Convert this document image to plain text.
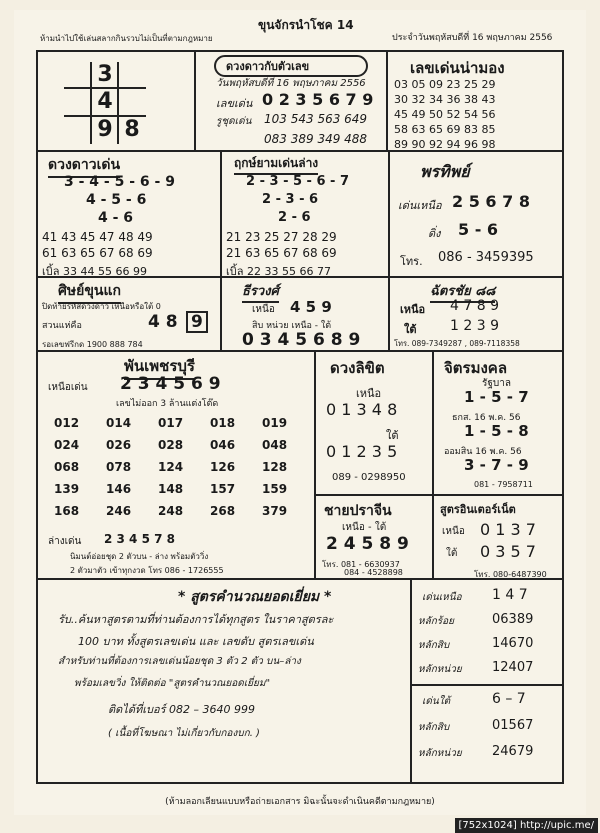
ห้ามนำไปใช้เล่นสลากกินรวบไม่เป็นที่ตามกฎหมาย
ขุนจักรนำโชค 14
ประจำวันพฤหัสบดีที่ 16 พฤษภาคม 2556
3
4
9 8
ดวงดาวกับตัวเลข
วันพฤหัสบดีที่ 16 พฤษภาคม 2556
เลขเด่น 0 2 3 5 6 7 9
รูชุดเด่น 103 543 563 649
083 389 349 488
เลขเด่นน่ามอง
03 05 09 23 25 29
30 32 34 36 38 43
45 49 50 52 54 56
58 63 65 69 83 85
89 90 92 94 96 98
ดวงดาวเด่น
3 - 4 - 5 - 6 - 9
4 - 5 - 6
4 - 6
41 43 45 47 48 49
61 63 65 67 68 69
เบิ้ล 33 44 55 66 99
ฤกษ์ยามเด่นล่าง
2 - 3 - 5 - 6 - 7
2 - 3 - 6
2 - 6
21 23 25 27 28 29
21 63 65 67 68 69
เบิ้ล 22 33 55 66 77
พรทิพย์
เด่นเหนือ 2 5 6 7 8
ดิ่ง 5 - 6
โทร. 086 - 3459395
ศิษย์ขุนแก
ปิดท้ายรหัสดวงดาว เหนือหรือใต้ 0
สวนแห่คือ	4 8 9
รอเลขฟรีกด 1900 888 784
ธีรวงศ์
เหนือ 4 5 9
สิบ หน่วย เหนือ - ใต้
0 3 4 5 6 8 9
ฉัตรชัย ๘๘
เหนือ 4 7 8 9
ใต้ 1 2 3 9
โทร. 089-7349287 , 089-7118358
พันเพชรบุรี
เหนือเด่น 2 3 4 5 6 9
เลขไม่ออก 3 ล้านแต่งโต๊ด
012 014 017 018 019
024 026 028 046 048
068 078 124 126 128
139 146 148 157 159
168 246 248 268 379
ล่างเด่น 2 3 4 5 7 8
นิมนต์อ่อยชุด 2 ตัวบน - ล่าง พร้อมตัววิ่ง
2 ตัวมาตัว เข้าทุกงวด โทร 086 - 1726555
ดวงลิขิต
เหนือ
0 1 3 4 8
ใต้
0 1 2 3 5
089 - 0298950
จิตรมงคล
รัฐบาล
1 - 5 - 7
ธกส. 16 พ.ค. 56
1 - 5 - 8
ออมสิน 16 พ.ค. 56
3 - 7 - 9
081 - 7958711
ชายปราจีน
เหนือ - ใต้
2 4 5 8 9
โทร. 081 - 6630937
084 - 4528898
สูตรอินเตอร์เน็ต
เหนือ 0 1 3 7
ใต้ 0 3 5 7
โทร. 080-6487390
* สูตรคำนวณยอดเยี่ยม *
รับ..ค้นหาสูตรตามที่ท่านต้องการได้ทุกสูตร ในราคาสูตรละ
100 บาท ทั้งสูตรเลขเด่น และ เลขดับ สูตรเลขเด่น
สำหรับท่านที่ต้องการเลขเด่นน้อยชุด 3 ตัว 2 ตัว บน–ล่าง
พร้อมเลขวิ่ง ให้ติดต่อ "สูตรคำนวณยอดเยี่ยม"
ติดได้ที่เบอร์ 082 – 3640 999
( เนื้อที่โฆษณา ไม่เกี่ยวกับกองบก. )
เด่นเหนือ 1 4 7
หลักร้อย	06389
หลักสิบ	14670
หลักหน่วย 12407
เด่นใต้	6 – 7
หลักสิบ	01567
หลักหน่วย 24679
(ห้ามลอกเลียนแบบหรือถ่ายเอกสาร มิฉะนั้นจะดำเนินคดีตามกฎหมาย)
[752x1024] http://upic.me/
